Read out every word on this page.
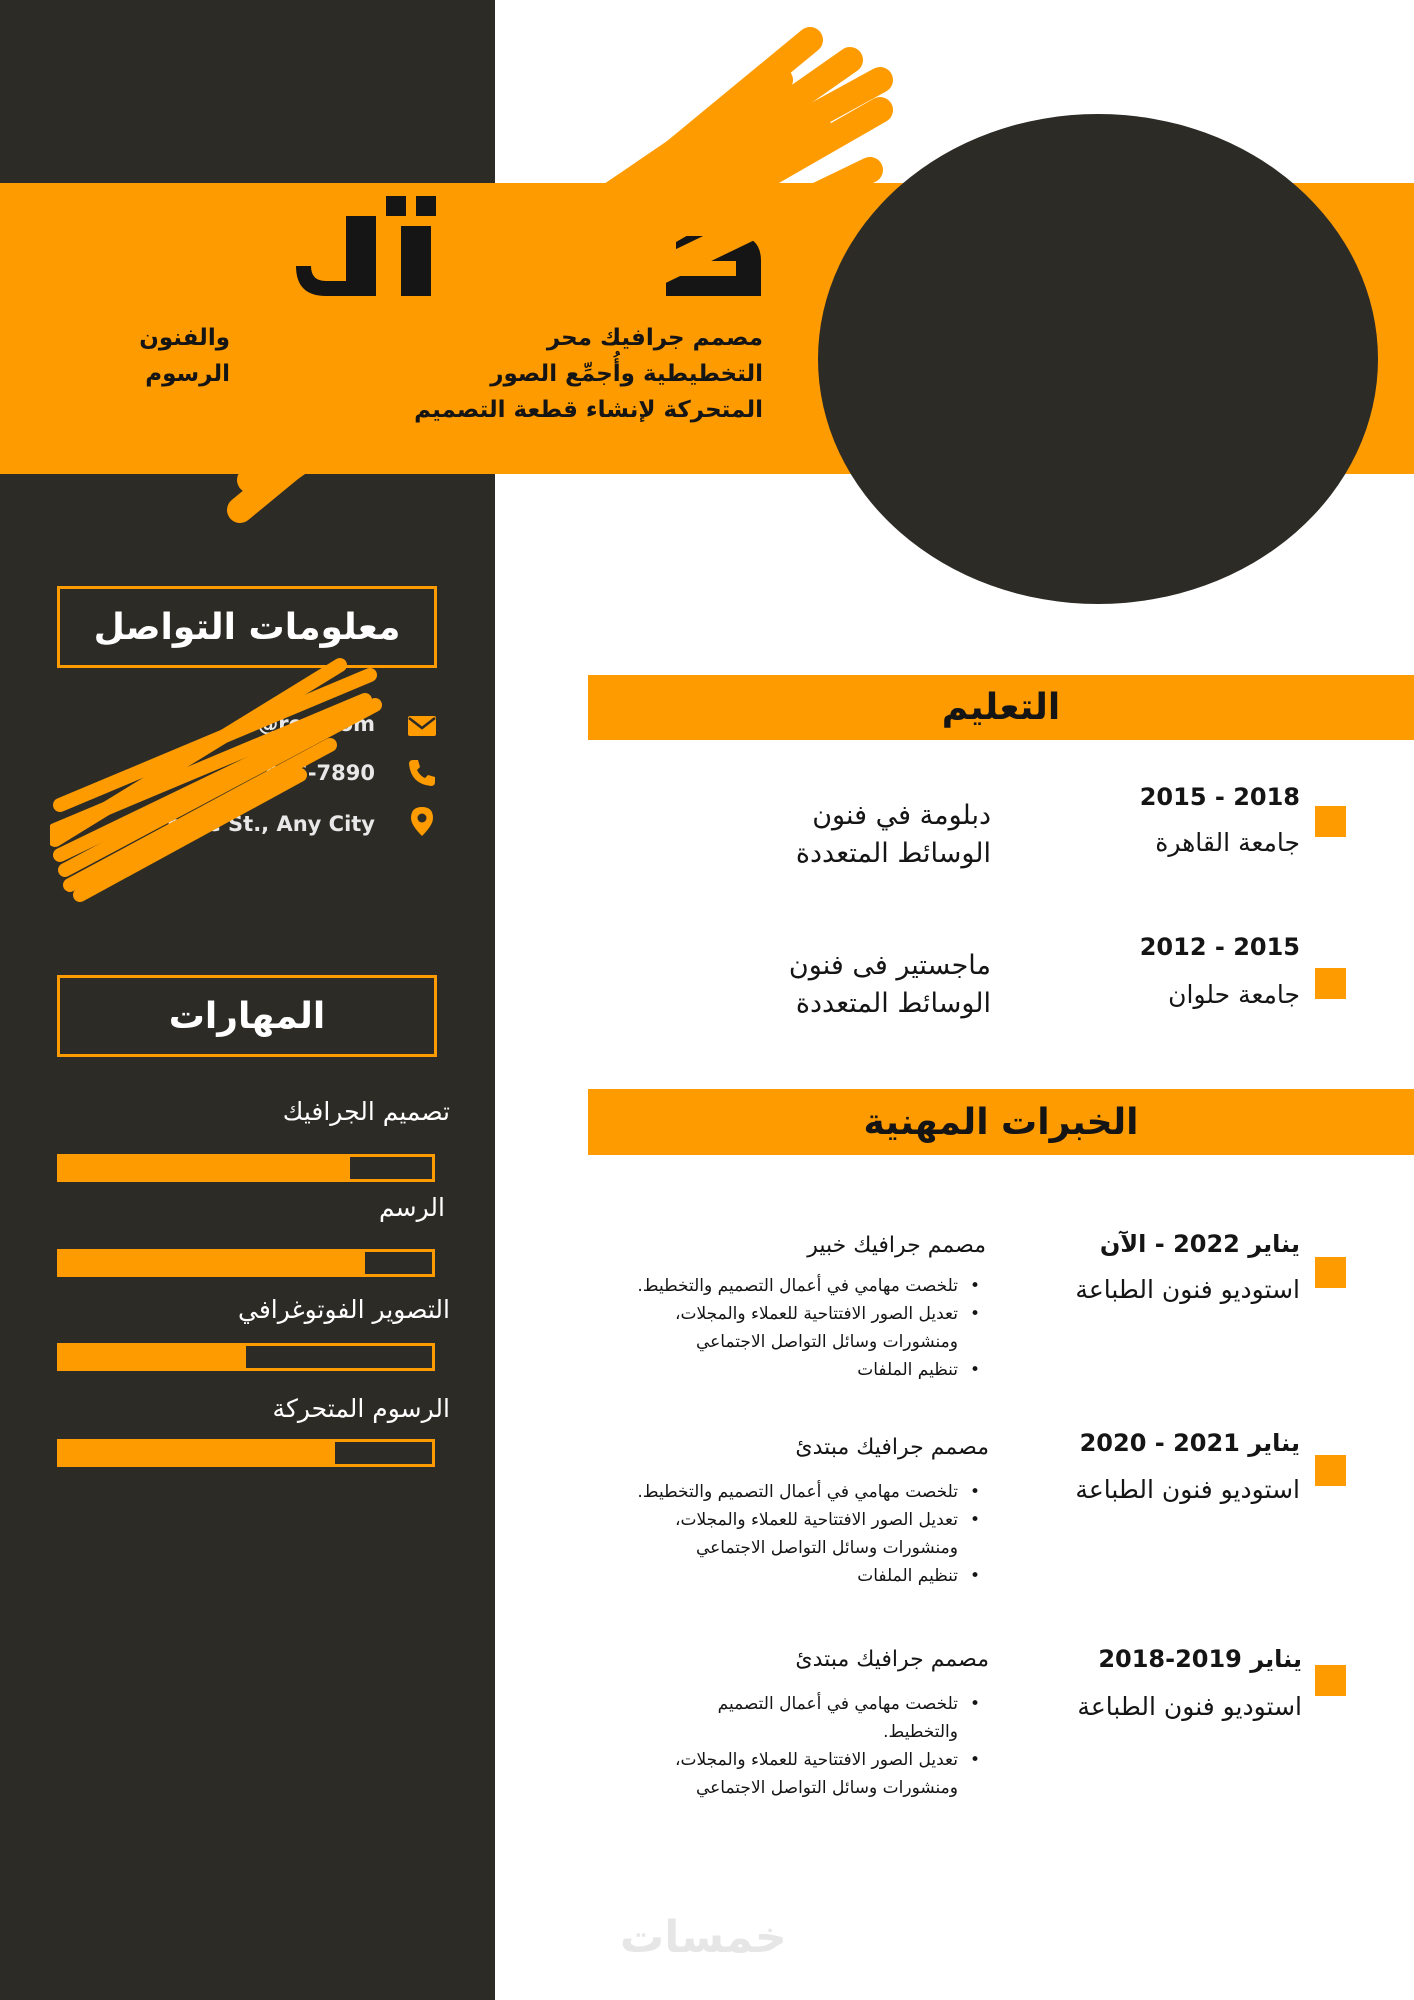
مصمم جرافيك محر
التخطيطية وأُجمِّع الصور
المتحركة لإنشاء قطعة التصميم
والفنون
الرسوم
معلومات التواصل
@reall om
456-7890
here St., Any City
المهارات
تصميم الجرافيك
الرسم
التصوير الفوتوغرافي
الرسوم المتحركة
التعليم
2018 - 2015
جامعة القاهرة
دبلومة في فنون
الوسائط المتعددة
2015 - 2012
جامعة حلوان
ماجستير فى فنون
الوسائط المتعددة
الخبرات المهنية
يناير 2022 - الآن
استوديو فنون الطباعة
مصمم جرافيك خبير
• تلخصت مهامي في أعمال التصميم والتخطيط.
• تعديل الصور الافتتاحية للعملاء والمجلات،
ومنشورات وسائل التواصل الاجتماعي
• تنظيم الملفات
يناير 2021 - 2020
استوديو فنون الطباعة
مصمم جرافيك مبتدئ
• تلخصت مهامي في أعمال التصميم والتخطيط.
• تعديل الصور الافتتاحية للعملاء والمجلات،
ومنشورات وسائل التواصل الاجتماعي
• تنظيم الملفات
يناير 2019-2018
استوديو فنون الطباعة
مصمم جرافيك مبتدئ
• تلخصت مهامي في أعمال التصميم
والتخطيط.
• تعديل الصور الافتتاحية للعملاء والمجلات،
ومنشورات وسائل التواصل الاجتماعي
خمسات
